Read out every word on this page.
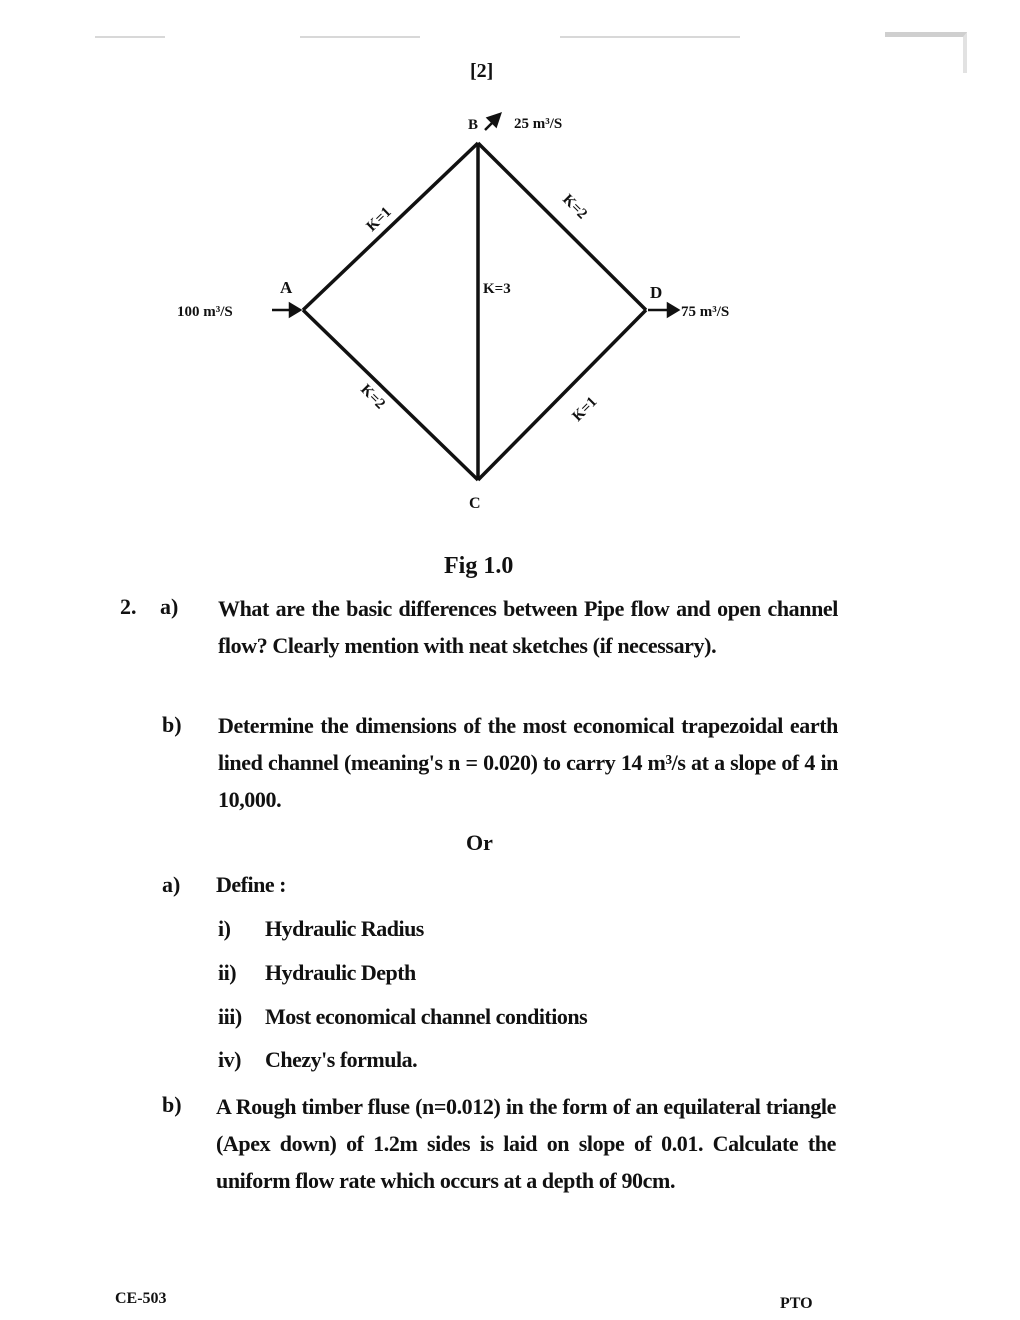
[2]
A
100 m³/S
B 25 m³/S
C
D
75 m³/S
K=1	K=2
K=3
K=2	K=1
Fig 1.0
2. a) What are the basic differences between Pipe flow and open channel flow? Clearly mention with neat sketches (if necessary).
b) Determine the dimensions of the most economical trapezoidal earth lined channel (meaning's n = 0.020) to carry 14 m³/s at a slope of 4 in 10,000.
Or
a) Define :
i) Hydraulic Radius
ii) Hydraulic Depth
iii) Most economical channel conditions
iv) Chezy's formula.
b) A Rough timber fluse (n=0.012) in the form of an equilateral triangle (Apex down) of 1.2m sides is laid on slope of 0.01. Calculate the uniform flow rate which occurs at a depth of 90cm.
CE-503	PTO
